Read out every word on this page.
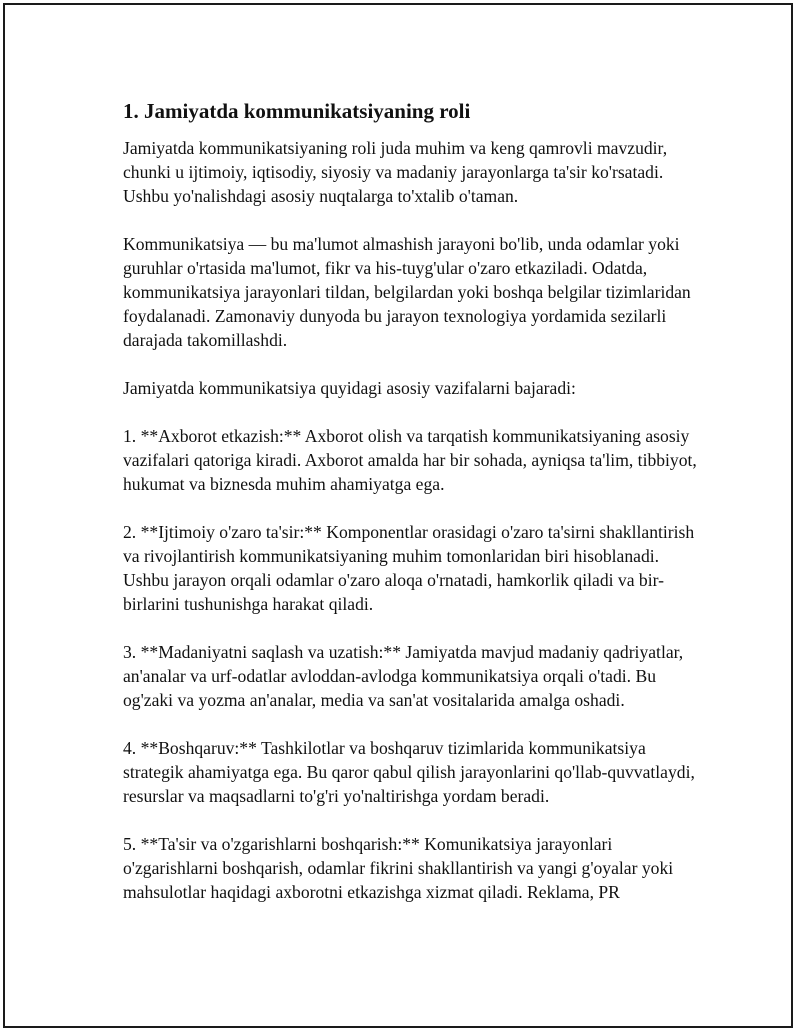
1. Jamiyatda kommunikatsiyaning roli

Jamiyatda kommunikatsiyaning roli juda muhim va keng qamrovli mavzudir, chunki u ijtimoiy, iqtisodiy, siyosiy va madaniy jarayonlarga ta'sir ko'rsatadi. Ushbu yo'nalishdagi asosiy nuqtalarga to'xtalib o'taman.

Kommunikatsiya — bu ma'lumot almashish jarayoni bo'lib, unda odamlar yoki guruhlar o'rtasida ma'lumot, fikr va his-tuyg'ular o'zaro etkaziladi. Odatda, kommunikatsiya jarayonlari tildan, belgilardan yoki boshqa belgilar tizimlaridan foydalanadi. Zamonaviy dunyoda bu jarayon texnologiya yordamida sezilarli darajada takomillashdi.

Jamiyatda kommunikatsiya quyidagi asosiy vazifalarni bajaradi:

1. **Axborot etkazish:** Axborot olish va tarqatish kommunikatsiyaning asosiy vazifalari qatoriga kiradi. Axborot amalda har bir sohada, ayniqsa ta'lim, tibbiyot, hukumat va biznesda muhim ahamiyatga ega.

2. **Ijtimoiy o'zaro ta'sir:** Komponentlar orasidagi o'zaro ta'sirni shakllantirish va rivojlantirish kommunikatsiyaning muhim tomonlaridan biri hisoblanadi. Ushbu jarayon orqali odamlar o'zaro aloqa o'rnatadi, hamkorlik qiladi va bir-birlarini tushunishga harakat qiladi.

3. **Madaniyatni saqlash va uzatish:** Jamiyatda mavjud madaniy qadriyatlar, an'analar va urf-odatlar avloddan-avlodga kommunikatsiya orqali o'tadi. Bu og'zaki va yozma an'analar, media va san'at vositalarida amalga oshadi.

4. **Boshqaruv:** Tashkilotlar va boshqaruv tizimlarida kommunikatsiya strategik ahamiyatga ega. Bu qaror qabul qilish jarayonlarini qo'llab-quvvatlaydi, resurslar va maqsadlarni to'g'ri yo'naltirishga yordam beradi.

5. **Ta'sir va o'zgarishlarni boshqarish:** Komunikatsiya jarayonlari o'zgarishlarni boshqarish, odamlar fikrini shakllantirish va yangi g'oyalar yoki mahsulotlar haqidagi axborotni etkazishga xizmat qiladi. Reklama, PR
